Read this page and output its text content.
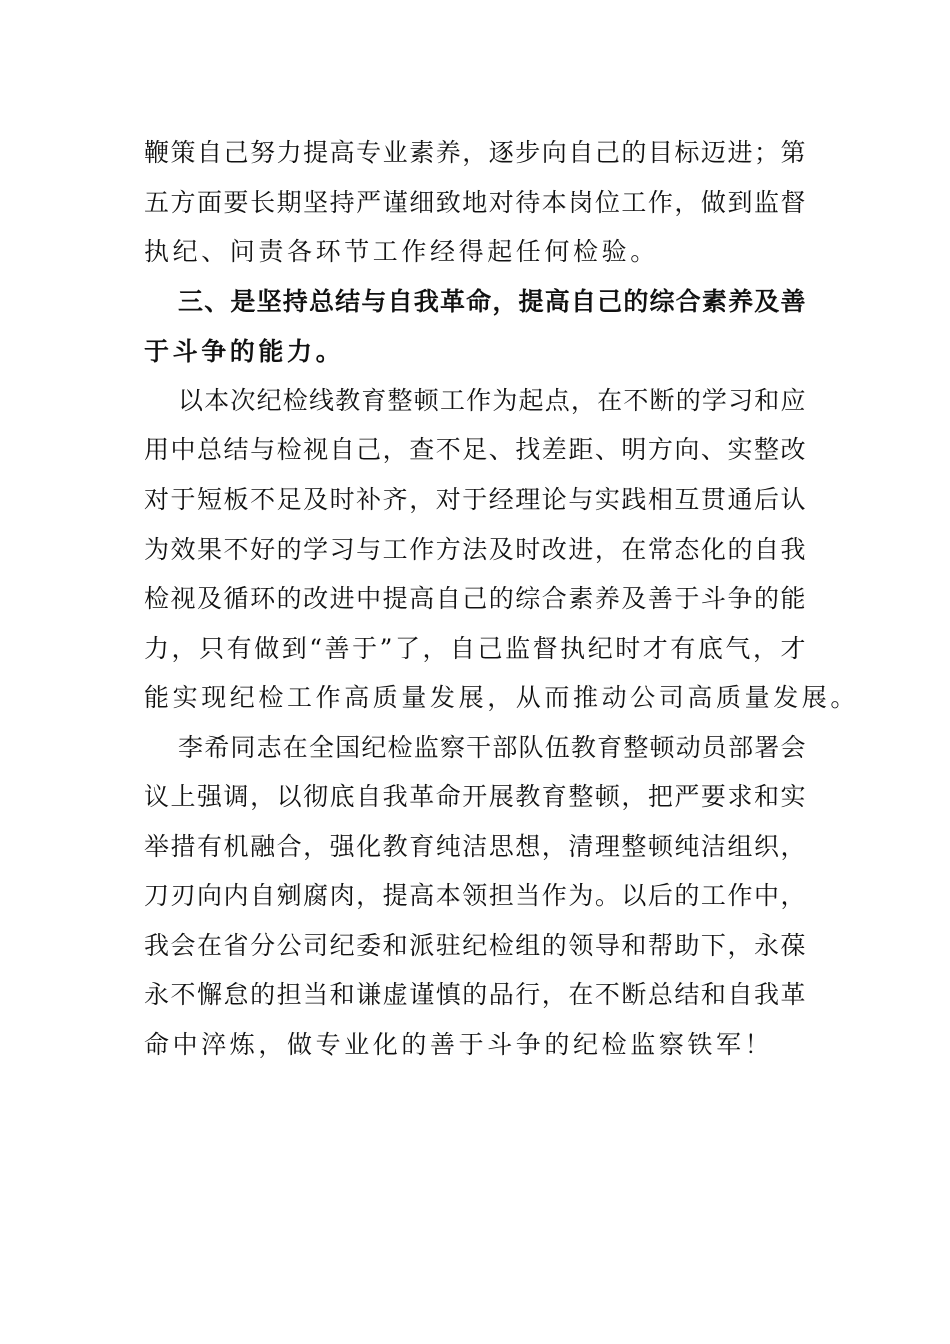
鞭策自己努力提高专业素养，逐步向自己的目标迈进；第
五方面要长期坚持严谨细致地对待本岗位工作，做到监督
执纪、问责各环节工作经得起任何检验。
三、是坚持总结与自我革命，提高自己的综合素养及善
于斗争的能力。
以本次纪检线教育整顿工作为起点，在不断的学习和应
用中总结与检视自己，查不足、找差距、明方向、实整改
对于短板不足及时补齐，对于经理论与实践相互贯通后认
为效果不好的学习与工作方法及时改进，在常态化的自我
检视及循环的改进中提高自己的综合素养及善于斗争的能
力，只有做到“善于”了，自己监督执纪时才有底气，才
能实现纪检工作高质量发展，从而推动公司高质量发展。
李希同志在全国纪检监察干部队伍教育整顿动员部署会
议上强调，以彻底自我革命开展教育整顿，把严要求和实
举措有机融合，强化教育纯洁思想，清理整顿纯洁组织，
刀刃向内自剜腐肉，提高本领担当作为。以后的工作中，
我会在省分公司纪委和派驻纪检组的领导和帮助下，永葆
永不懈怠的担当和谦虚谨慎的品行，在不断总结和自我革
命中淬炼，做专业化的善于斗争的纪检监察铁军！
